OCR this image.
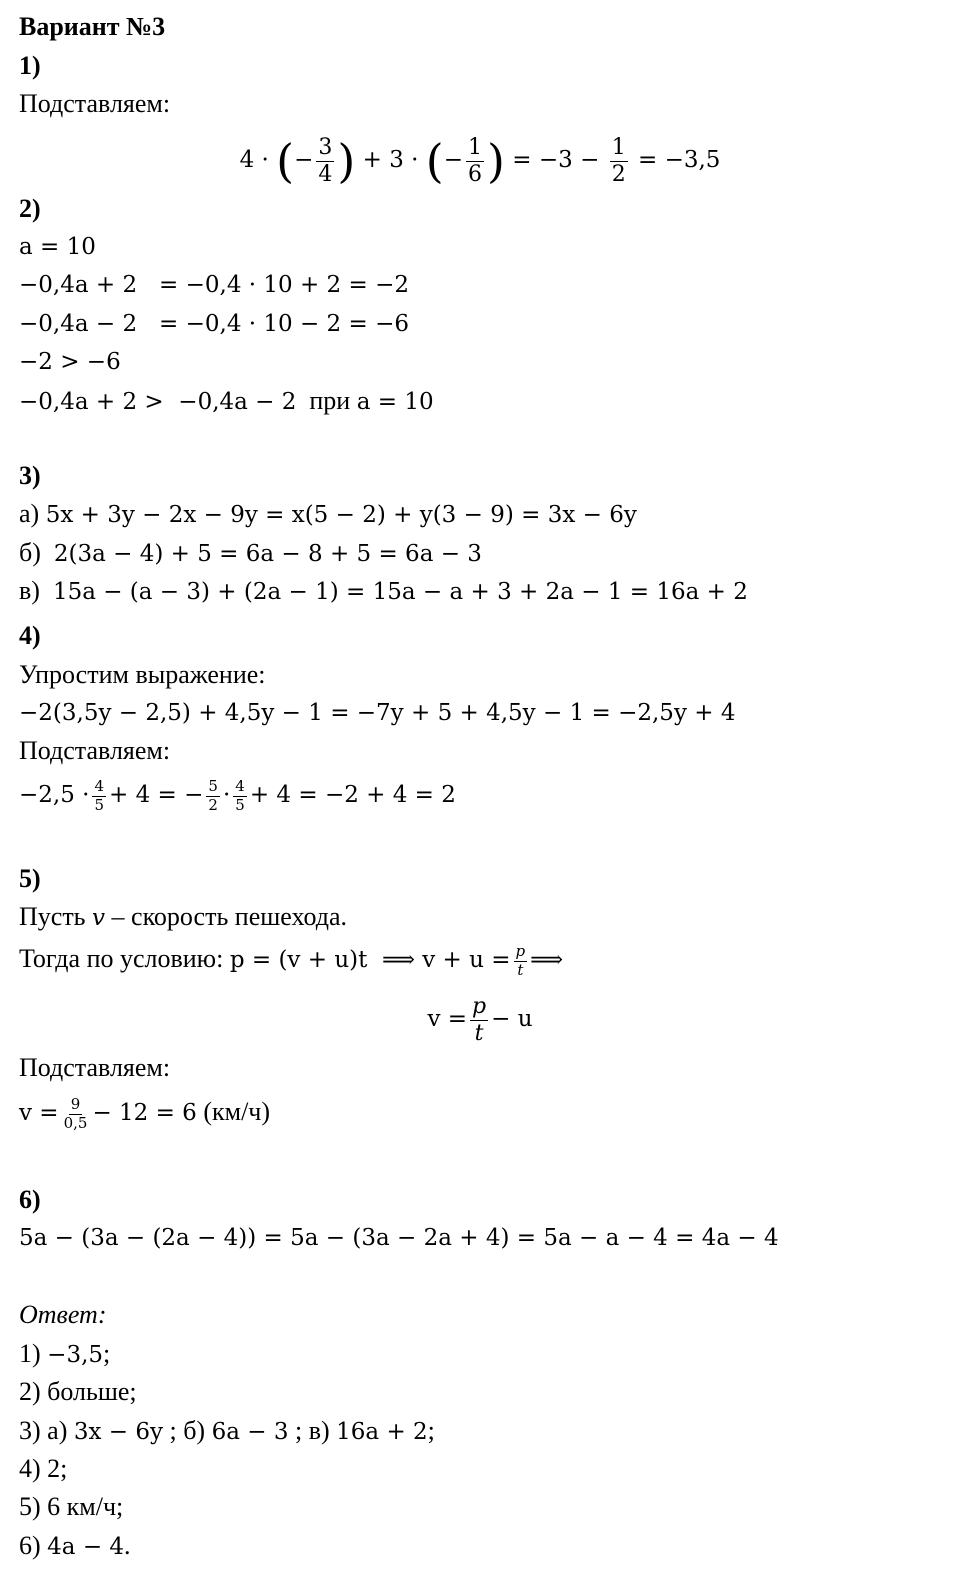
Вариант №3
1)
Подставляем:
4 · (− $\frac{3}{4}$ ) + 3 · (− $\frac{1}{6}$ ) = $-3 - \frac{1}{2} = -3,5$
2)
a = 10
−0,4a + 2   = −0,4 · 10 + 2 = −2
−0,4a − 2   = −0,4 · 10 − 2 = −6
−2 > −6
−0,4a + 2 >  −0,4a − 2 при a = 10
3)
а) 5x + 3y − 2x − 9y = x(5 − 2) + y(3 − 9) = 3x − 6y
б) 2(3a − 4) + 5 = 6a − 8 + 5 = 6a − 3
в) 15a − (a − 3) + (2a − 1) = 15a − a + 3 + 2a − 1 = 16a + 2
4)
Упростим выражение:
−2(3,5y − 2,5) + 4,5y − 1 = −7y + 5 + 4,5y − 1 = −2,5y + 4
Подставляем:
$-2,5 \cdot \frac{4}{5} + 4$ = − $\frac{5}{2} \cdot \frac{4}{5} + 4 = -2 + 4 = 2$
5)
Пусть v – скорость пешехода.
Тогда по условию: p = (v + u)t  ⟹ $v + u = \frac{p}{t}$ ⟹
$v = \frac{p}{t} - u$
Подставляем:
$v = \frac{9}{0,5} - 12 = 6$ (км/ч)
6)
5a − (3a − (2a − 4)) = 5a − (3a − 2a + 4) = 5a − a − 4 = 4a − 4
Ответ:
1) −3,5;
2) больше;
3) а) 3x − 6y ; б) 6a − 3 ; в) 16a + 2;
4) 2;
5) 6 км/ч;
6) 4a − 4.
